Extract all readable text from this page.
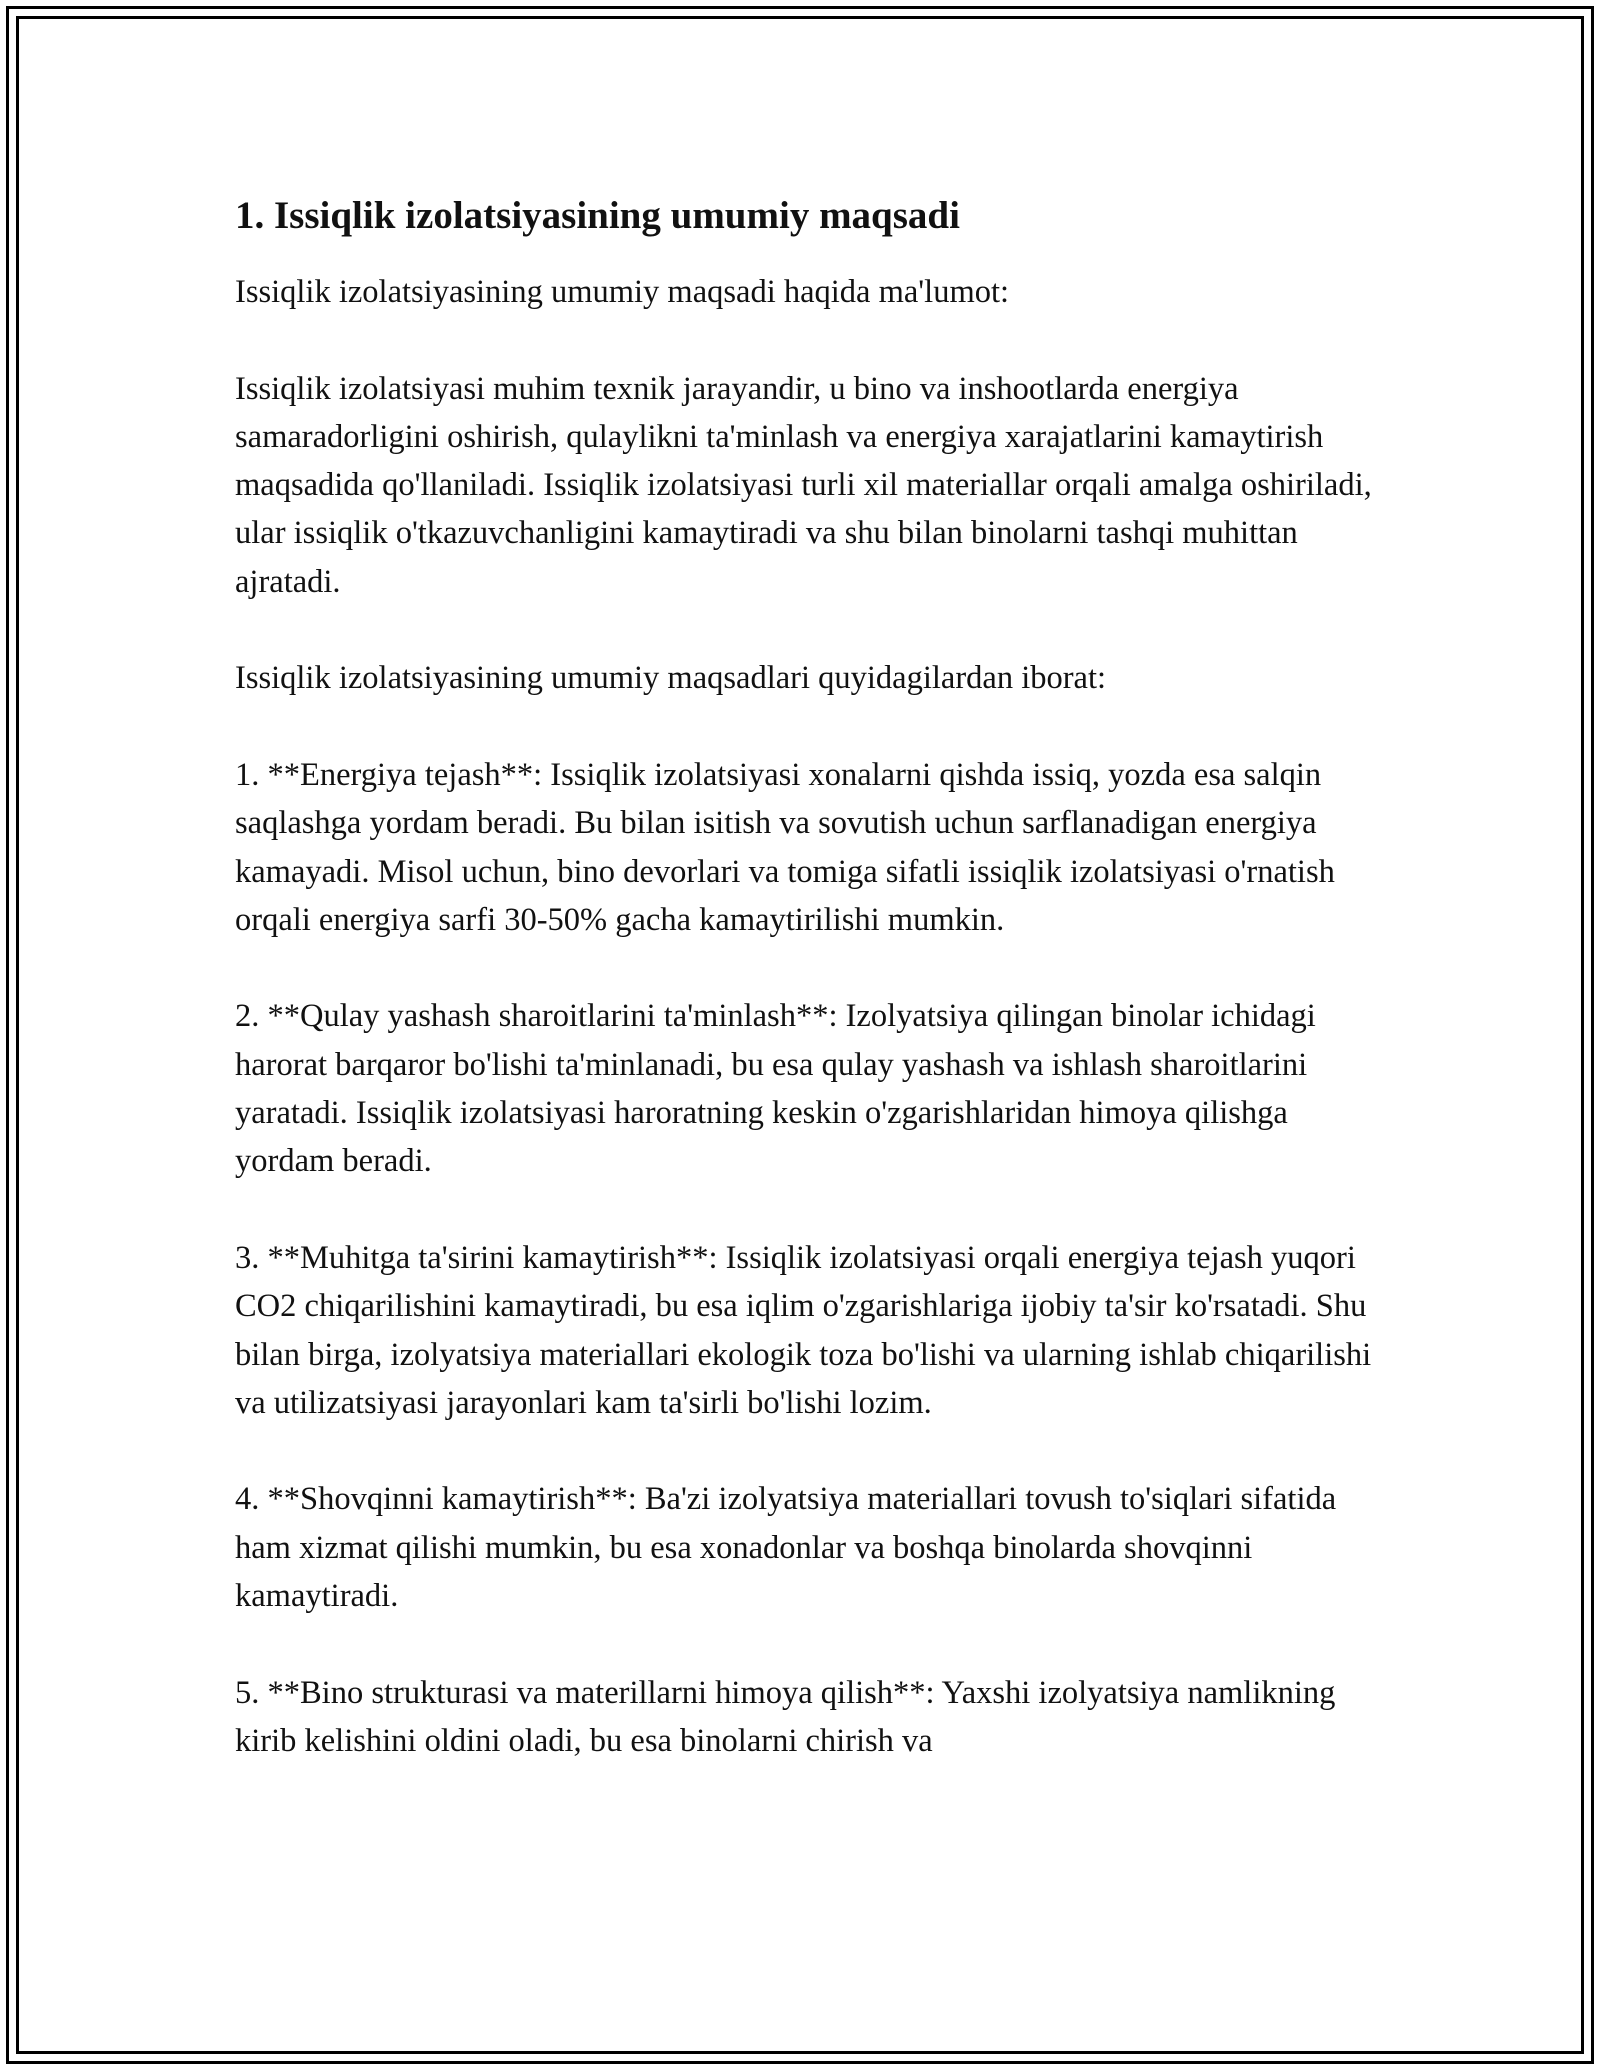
1. Issiqlik izolatsiyasining umumiy maqsadi

Issiqlik izolatsiyasining umumiy maqsadi haqida ma'lumot:

Issiqlik izolatsiyasi muhim texnik jarayandir, u bino va inshootlarda energiya samaradorligini oshirish, qulaylikni ta'minlash va energiya xarajatlarini kamaytirish maqsadida qo'llaniladi. Issiqlik izolatsiyasi turli xil materiallar orqali amalga oshiriladi, ular issiqlik o'tkazuvchanligini kamaytiradi va shu bilan binolarni tashqi muhittan ajratadi.

Issiqlik izolatsiyasining umumiy maqsadlari quyidagilardan iborat:

1. **Energiya tejash**: Issiqlik izolatsiyasi xonalarni qishda issiq, yozda esa salqin saqlashga yordam beradi. Bu bilan isitish va sovutish uchun sarflanadigan energiya kamayadi. Misol uchun, bino devorlari va tomiga sifatli issiqlik izolatsiyasi o'rnatish orqali energiya sarfi 30-50% gacha kamaytirilishi mumkin.

2. **Qulay yashash sharoitlarini ta'minlash**: Izolyatsiya qilingan binolar ichidagi harorat barqaror bo'lishi ta'minlanadi, bu esa qulay yashash va ishlash sharoitlarini yaratadi. Issiqlik izolatsiyasi haroratning keskin o'zgarishlaridan himoya qilishga yordam beradi.

3. **Muhitga ta'sirini kamaytirish**: Issiqlik izolatsiyasi orqali energiya tejash yuqori CO2 chiqarilishini kamaytiradi, bu esa iqlim o'zgarishlariga ijobiy ta'sir ko'rsatadi. Shu bilan birga, izolyatsiya materiallari ekologik toza bo'lishi va ularning ishlab chiqarilishi va utilizatsiyasi jarayonlari kam ta'sirli bo'lishi lozim.

4. **Shovqinni kamaytirish**: Ba'zi izolyatsiya materiallari tovush to'siqlari sifatida ham xizmat qilishi mumkin, bu esa xonadonlar va boshqa binolarda shovqinni kamaytiradi.

5. **Bino strukturasi va materillarni himoya qilish**: Yaxshi izolyatsiya namlikning kirib kelishini oldini oladi, bu esa binolarni chirish va
